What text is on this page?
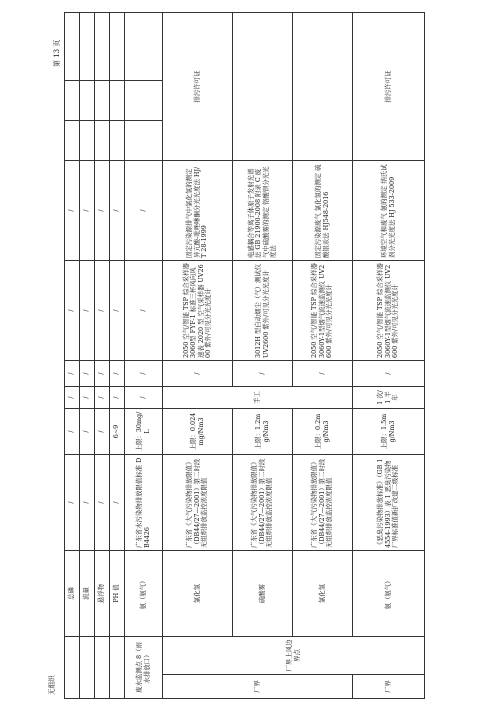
无组织
第 13 页
		总磷	/	/	/	/	/	/			
		流量	/	/	/	/	/	/			
		悬浮物	/	/	/	/	/	/			
		PH 值	/	6~9	/	/	/	/			
废水监测点 8（雨水排放口）		氨（氨气）	广东省水污染物排放限值标准 DB4426	上限：30mg/L	/	/	/	/			
厂界	厂界上风边界点	氯化氢	广东省《大气污染物排放限值》（DB44/27—2001）第二时段无组织排放监控浓度限值	上限：0.024mg/Nm3	手工	/	2050 空气/智能 TSP 综合采样器 3060型 FYF-1 标准三杯风向风速表 2020 型 空气采样器 UV2600 紫外/可见分光光度计	固定污染源排气中氯化氢的测定 异亢酸-吡唑啉酮分光光度法 HJ/T 28-1999	排污许可证		
		硫酸雾	广东省《大气污染物排放限值》（DB44/27—2001）第二时段无组织排放监控浓度限值	上限：1.2mg/Nm3		/	3012H 型自动烟尘（气）测试仪 UV2600 紫外/可见分光光度计	电感耦合等离子体原子发射光谱法 GB 21900-2008 附录 C 废气中硫酸雾的测定 铬酸钡分光光度法			
		氯化氢	广东省《大气污染物排放限值》（DB44/27—2001）第二时段无组织排放监控浓度限值	上限：0.2mg/Nm3		/	2050 空气/智能 TSP 综合采样器 3060Y-1型烟气流速监测仪 UV2600 紫外/可见分光光度计	固定污染源废气 氯化氢的测定 硫酸银汞法 HJ548-2016			
厂界		氨（氨气）	《恶臭污染物排放标准》（GB 14554-1993）表 1 恶臭污染物厂界标准值新扩改建二级标准	上限：1.5mg/Nm3	1 次/1 半年	/	2050 空气/智能 TSP 综合采样器 3060Y-1型烟气流速监测仪 UV2600 紫外/可见分光光度计	环境空气和废气 氨的测定 纳氏试剂分光光度法 HJ 533-2009	排污许可证		
